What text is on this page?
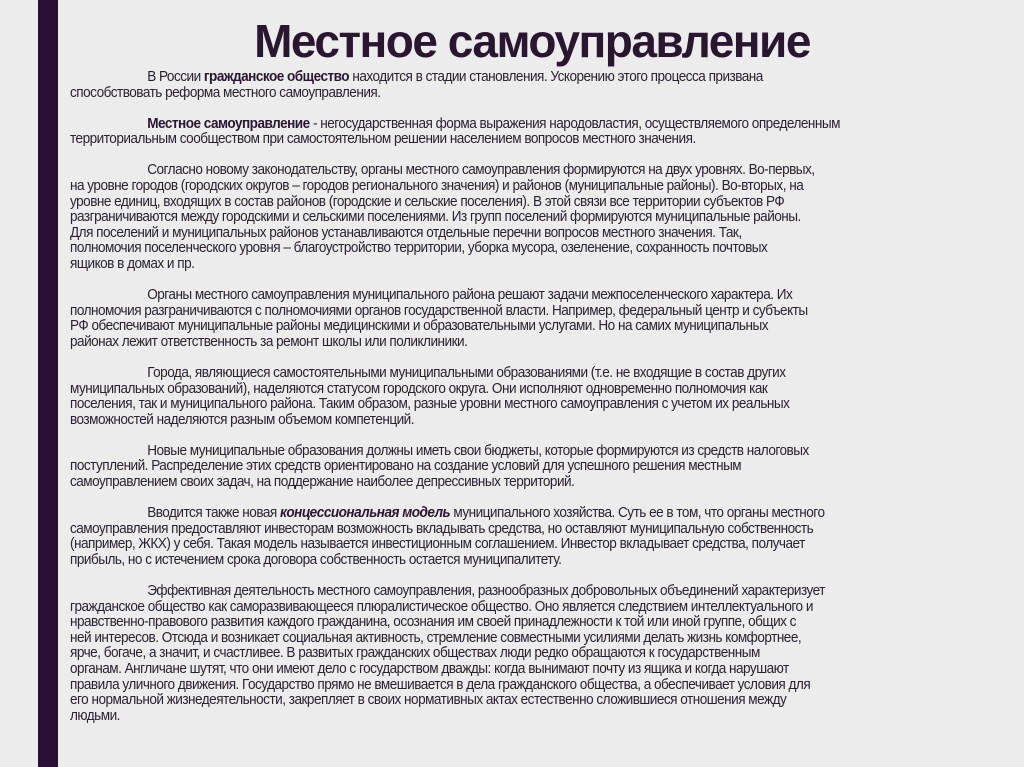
Местное самоуправление
В России гражданское общество находится в стадии становления. Ускорению этого процесса призвана
способствовать реформа местного самоуправления.
Местное самоуправление - негосударственная форма выражения народовластия, осуществляемого определенным
территориальным сообществом при самостоятельном решении населением вопросов местного значения.
Согласно новому законодательству, органы местного самоуправления формируются на двух уровнях. Во-первых,
на уровне городов (городских округов – городов регионального значения) и районов (муниципальные районы). Во-вторых, на
уровне единиц, входящих в состав районов (городские и сельские поселения). В этой связи все территории субъектов РФ
разграничиваются между городскими и сельскими поселениями. Из групп поселений формируются муниципальные районы.
Для поселений и муниципальных районов устанавливаются отдельные перечни вопросов местного значения. Так,
полномочия поселенческого уровня – благоустройство территории, уборка мусора, озеленение, сохранность почтовых
ящиков в домах и пр.
Органы местного самоуправления муниципального района решают задачи межпоселенческого характера. Их
полномочия разграничиваются с полномочиями органов государственной власти. Например, федеральный центр и субъекты
РФ обеспечивают муниципальные районы медицинскими и образовательными услугами. Но на самих муниципальных
районах лежит ответственность за ремонт школы или поликлиники.
Города, являющиеся самостоятельными муниципальными образованиями (т.е. не входящие в состав других
муниципальных образований), наделяются статусом городского округа. Они исполняют одновременно полномочия как
поселения, так и муниципального района. Таким образом, разные уровни местного самоуправления с учетом их реальных
возможностей наделяются разным объемом компетенций.
Новые муниципальные образования должны иметь свои бюджеты, которые формируются из средств налоговых
поступлений. Распределение этих средств ориентировано на создание условий для успешного решения местным
самоуправлением своих задач, на поддержание наиболее депрессивных территорий.
Вводится также новая концессиональная модель муниципального хозяйства. Суть ее в том, что органы местного
самоуправления предоставляют инвесторам возможность вкладывать средства, но оставляют муниципальную собственность
(например, ЖКХ) у себя. Такая модель называется инвестиционным соглашением. Инвестор вкладывает средства, получает
прибыль, но с истечением срока договора собственность остается муниципалитету.
Эффективная деятельность местного самоуправления, разнообразных добровольных объединений характеризует
гражданское общество как саморазвивающееся плюралистическое общество. Оно является следствием интеллектуального и
нравственно-правового развития каждого гражданина, осознания им своей принадлежности к той или иной группе, общих с
ней интересов. Отсюда и возникает социальная активность, стремление совместными усилиями делать жизнь комфортнее,
ярче, богаче, а значит, и счастливее. В развитых гражданских обществах люди редко обращаются к государственным
органам. Англичане шутят, что они имеют дело с государством дважды: когда вынимают почту из ящика и когда нарушают
правила уличного движения. Государство прямо не вмешивается в дела гражданского общества, а обеспечивает условия для
его нормальной жизнедеятельности, закрепляет в своих нормативных актах естественно сложившиеся отношения между
людьми.
